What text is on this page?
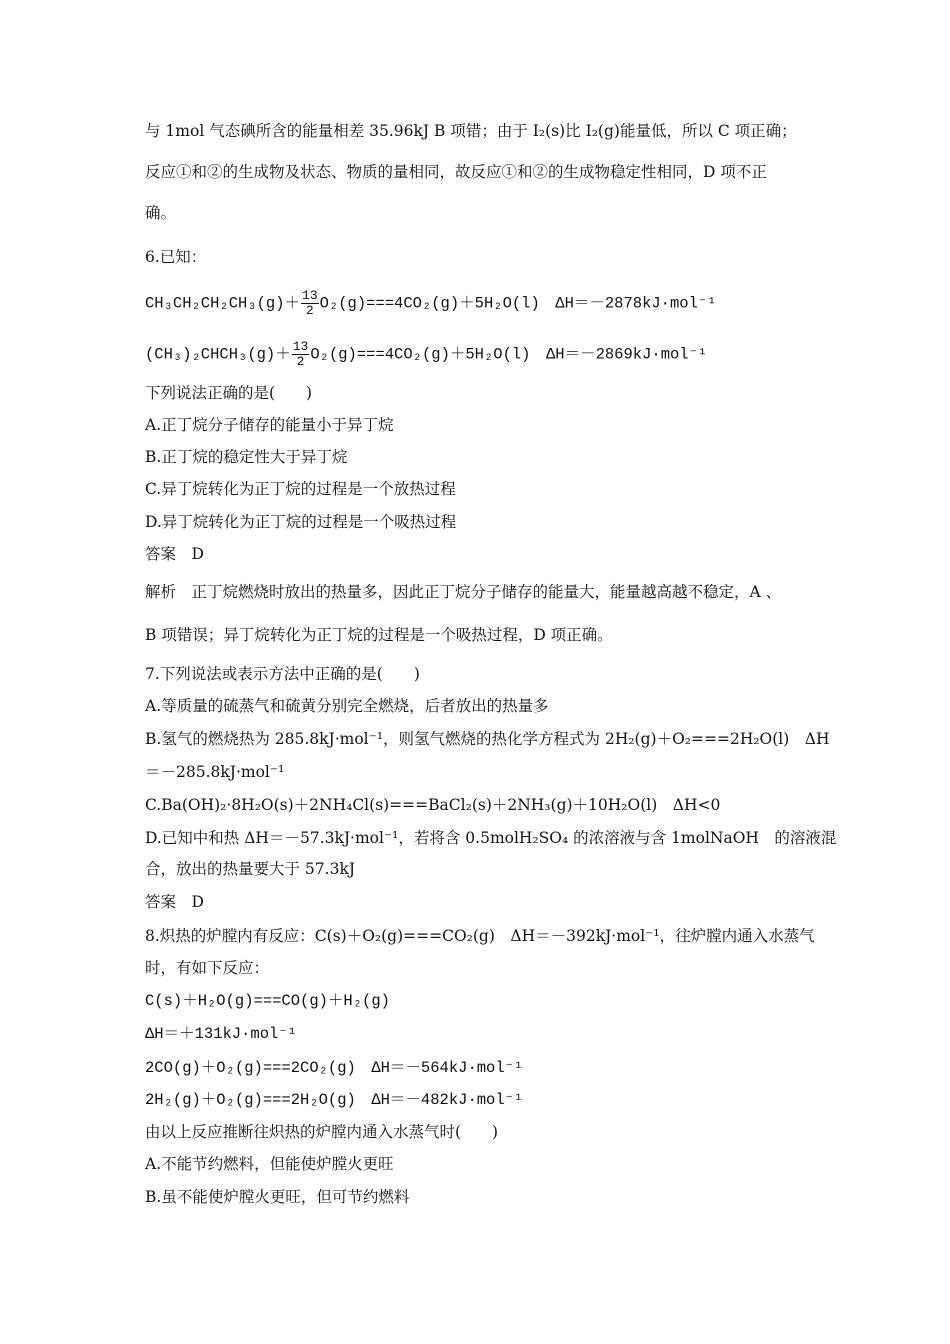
与 1mol 气态碘所含的能量相差 35.96kJ B 项错；由于 I₂(s)比 I₂(g)能量低，所以 C 项正确；
反应①和②的生成物及状态、物质的量相同，故反应①和②的生成物稳定性相同，D 项不正
确。
6.已知：
$CH_3CH_2CH_2CH_3(g)+ \frac{13}{2} O_2(g)===4CO_2(g)+5H_2O(l)$　ΔH＝－2878kJ·mol⁻¹
(CH₃)₂CHCH₃(g)＋ $\frac{13}{2} O_2(g)===4CO_2(g)+5H_2O(l)$　ΔH＝－2869kJ·mol⁻¹
下列说法正确的是(　　)
A.正丁烷分子储存的能量小于异丁烷
B.正丁烷的稳定性大于异丁烷
C.异丁烷转化为正丁烷的过程是一个放热过程
D.异丁烷转化为正丁烷的过程是一个吸热过程
答案　D
解析　正丁烷燃烧时放出的热量多，因此正丁烷分子储存的能量大，能量越高越不稳定，A 、
B 项错误；异丁烷转化为正丁烷的过程是一个吸热过程，D 项正确。
7.下列说法或表示方法中正确的是(　　)
A.等质量的硫蒸气和硫黄分别完全燃烧，后者放出的热量多
B.氢气的燃烧热为 285.8kJ·mol⁻¹，则氢气燃烧的热化学方程式为 2H₂(g)＋O₂===2H₂O(l)　ΔH
＝－285.8kJ·mol⁻¹
C.Ba(OH)₂·8H₂O(s)＋2NH₄Cl(s)===BaCl₂(s)＋2NH₃(g)＋10H₂O(l)　ΔH<0
D.已知中和热 ΔH＝－57.3kJ·mol⁻¹，若将含 0.5molH₂SO₄ 的浓溶液与含 1molNaOH　的溶液混
合，放出的热量要大于 57.3kJ
答案　D
8.炽热的炉膛内有反应：C(s)＋O₂(g)===CO₂(g)　ΔH＝－392kJ·mol⁻¹，往炉膛内通入水蒸气
时，有如下反应：
C(s)＋H₂O(g)===CO(g)＋H₂(g)
ΔH＝＋131kJ·mol⁻¹
2CO(g)＋O₂(g)===2CO₂(g)　ΔH＝－564kJ·mol⁻¹
2H₂(g)＋O₂(g)===2H₂O(g)　ΔH＝－482kJ·mol⁻¹
由以上反应推断往炽热的炉膛内通入水蒸气时(　　)
A.不能节约燃料，但能使炉膛火更旺
B.虽不能使炉膛火更旺，但可节约燃料
